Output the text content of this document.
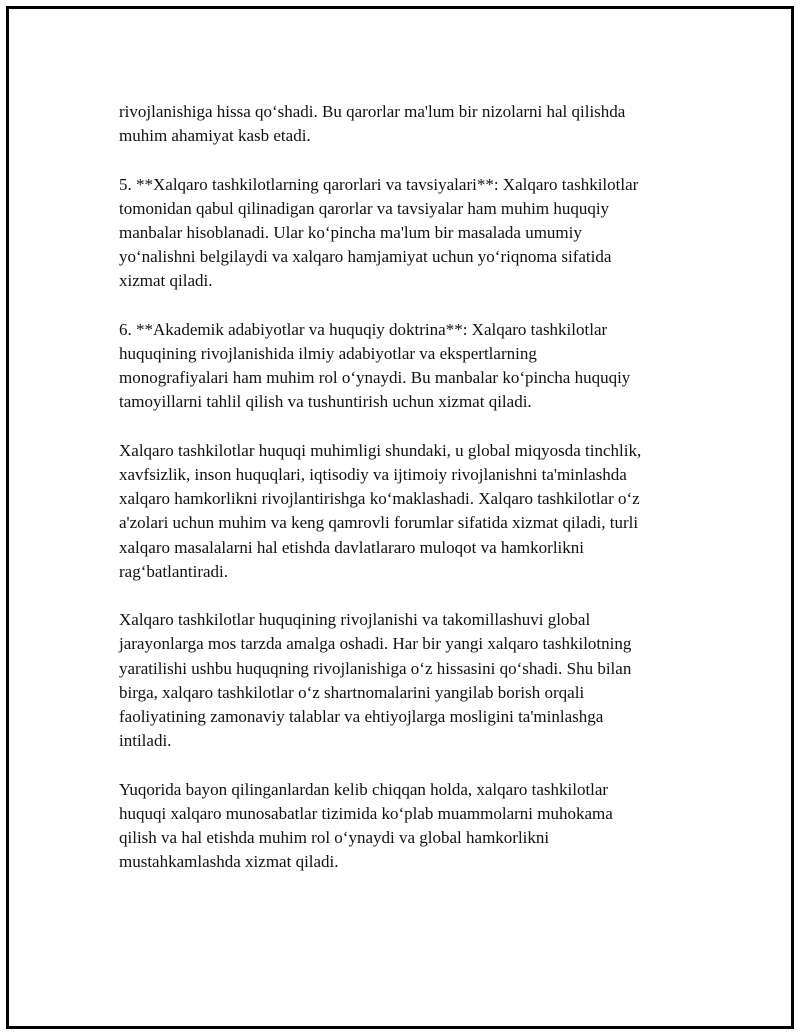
rivojlanishiga hissa qo‘shadi. Bu qarorlar ma'lum bir nizolarni hal qilishda
muhim ahamiyat kasb etadi.

5. **Xalqaro tashkilotlarning qarorlari va tavsiyalari**: Xalqaro tashkilotlar
tomonidan qabul qilinadigan qarorlar va tavsiyalar ham muhim huquqiy
manbalar hisoblanadi. Ular ko‘pincha ma'lum bir masalada umumiy
yo‘nalishni belgilaydi va xalqaro hamjamiyat uchun yo‘riqnoma sifatida
xizmat qiladi.

6. **Akademik adabiyotlar va huquqiy doktrina**: Xalqaro tashkilotlar
huquqining rivojlanishida ilmiy adabiyotlar va ekspertlarning
monografiyalari ham muhim rol o‘ynaydi. Bu manbalar ko‘pincha huquqiy
tamoyillarni tahlil qilish va tushuntirish uchun xizmat qiladi.

Xalqaro tashkilotlar huquqi muhimligi shundaki, u global miqyosda tinchlik,
xavfsizlik, inson huquqlari, iqtisodiy va ijtimoiy rivojlanishni ta'minlashda
xalqaro hamkorlikni rivojlantirishga ko‘maklashadi. Xalqaro tashkilotlar o‘z
a'zolari uchun muhim va keng qamrovli forumlar sifatida xizmat qiladi, turli
xalqaro masalalarni hal etishda davlatlararo muloqot va hamkorlikni
rag‘batlantiradi.

Xalqaro tashkilotlar huquqining rivojlanishi va takomillashuvi global
jarayonlarga mos tarzda amalga oshadi. Har bir yangi xalqaro tashkilotning
yaratilishi ushbu huquqning rivojlanishiga o‘z hissasini qo‘shadi. Shu bilan
birga, xalqaro tashkilotlar o‘z shartnomalarini yangilab borish orqali
faoliyatining zamonaviy talablar va ehtiyojlarga mosligini ta'minlashga
intiladi.

Yuqorida bayon qilinganlardan kelib chiqqan holda, xalqaro tashkilotlar
huquqi xalqaro munosabatlar tizimida ko‘plab muammolarni muhokama
qilish va hal etishda muhim rol o‘ynaydi va global hamkorlikni
mustahkamlashda xizmat qiladi.
